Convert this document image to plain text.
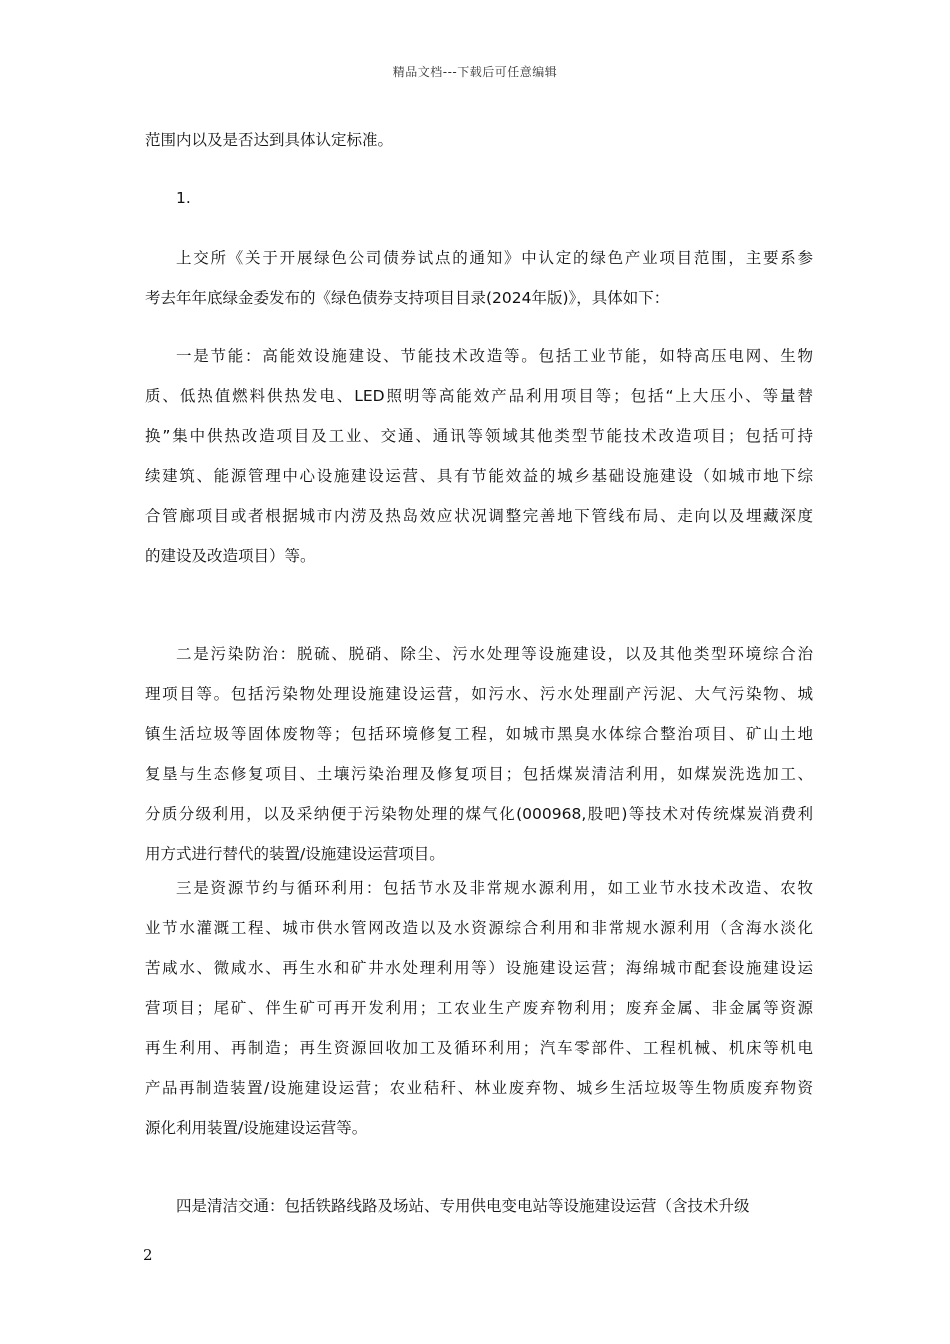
精品文档---下载后可任意编辑
范围内以及是否达到具体认定标准。
1.
上交所《关于开展绿色公司债券试点的通知》中认定的绿色产业项目范围，主要系参
考去年年底绿金委发布的《绿色债券支持项目目录(2024年版)》，具体如下：
一是节能：高能效设施建设、节能技术改造等。包括工业节能，如特高压电网、生物
质、低热值燃料供热发电、LED照明等高能效产品利用项目等；包括“上大压小、等量替
换”集中供热改造项目及工业、交通、通讯等领域其他类型节能技术改造项目；包括可持
续建筑、能源管理中心设施建设运营、具有节能效益的城乡基础设施建设（如城市地下综
合管廊项目或者根据城市内涝及热岛效应状况调整完善地下管线布局、走向以及埋藏深度
的建设及改造项目）等。
二是污染防治：脱硫、脱硝、除尘、污水处理等设施建设，以及其他类型环境综合治
理项目等。包括污染物处理设施建设运营，如污水、污水处理副产污泥、大气污染物、城
镇生活垃圾等固体废物等；包括环境修复工程，如城市黑臭水体综合整治项目、矿山土地
复垦与生态修复项目、土壤污染治理及修复项目；包括煤炭清洁利用，如煤炭洗选加工、
分质分级利用，以及采纳便于污染物处理的煤气化(000968,股吧)等技术对传统煤炭消费利
用方式进行替代的装置/设施建设运营项目。
三是资源节约与循环利用：包括节水及非常规水源利用，如工业节水技术改造、农牧
业节水灌溉工程、城市供水管网改造以及水资源综合利用和非常规水源利用（含海水淡化
苦咸水、微咸水、再生水和矿井水处理利用等）设施建设运营；海绵城市配套设施建设运
营项目；尾矿、伴生矿可再开发利用；工农业生产废弃物利用；废弃金属、非金属等资源
再生利用、再制造；再生资源回收加工及循环利用；汽车零部件、工程机械、机床等机电
产品再制造装置/设施建设运营；农业秸秆、林业废弃物、城乡生活垃圾等生物质废弃物资
源化利用装置/设施建设运营等。
四是清洁交通：包括铁路线路及场站、专用供电变电站等设施建设运营（含技术升级
2
